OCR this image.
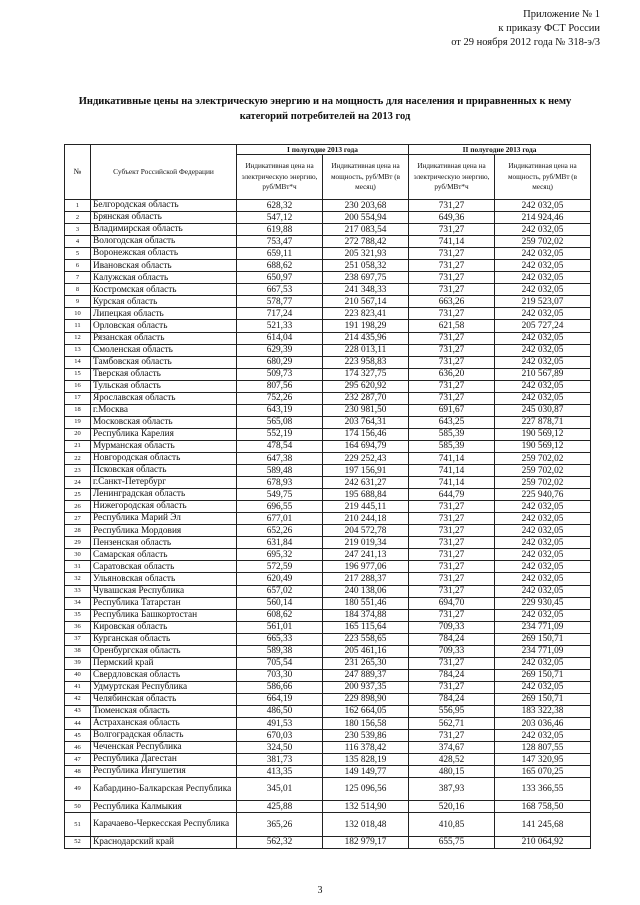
Приложение № 1
к приказу ФСТ России
от 29 ноября 2012 года № 318-э/3
Индикативные цены на электрическую энергию и на мощность для населения и приравненных к нему
категорий потребителей на 2013 год
№	Субъект Российской Федерации	I полугодие 2013 года		II полугодие 2013 года	
		Индикативная цена на электрическую энергию, руб/МВт*ч	Индикативная цена на мощность, руб/МВт (в месяц)	Индикативная цена на электрическую энергию, руб/МВт*ч	Индикативная цена на мощность, руб/МВт (в месяц)
1	Белгородская область	628,32	230 203,68	731,27	242 032,05
2	Брянская область	547,12	200 554,94	649,36	214 924,46
3	Владимирская область	619,88	217 083,54	731,27	242 032,05
4	Вологодская область	753,47	272 788,42	741,14	259 702,02
5	Воронежская область	659,11	205 321,93	731,27	242 032,05
6	Ивановская область	688,62	251 058,32	731,27	242 032,05
7	Калужская область	650,97	238 697,75	731,27	242 032,05
8	Костромская область	667,53	241 348,33	731,27	242 032,05
9	Курская область	578,77	210 567,14	663,26	219 523,07
10	Липецкая область	717,24	223 823,41	731,27	242 032,05
11	Орловская область	521,33	191 198,29	621,58	205 727,24
12	Рязанская область	614,04	214 435,96	731,27	242 032,05
13	Смоленская область	629,39	228 013,11	731,27	242 032,05
14	Тамбовская область	680,29	223 958,83	731,27	242 032,05
15	Тверская область	509,73	174 327,75	636,20	210 567,89
16	Тульская область	807,56	295 620,92	731,27	242 032,05
17	Ярославская область	752,26	232 287,70	731,27	242 032,05
18	г.Москва	643,19	230 981,50	691,67	245 030,87
19	Московская область	565,08	203 764,31	643,25	227 878,71
20	Республика Карелия	552,19	174 156,46	585,39	190 569,12
21	Мурманская область	478,54	164 694,79	585,39	190 569,12
22	Новгородская область	647,38	229 252,43	741,14	259 702,02
23	Псковская область	589,48	197 156,91	741,14	259 702,02
24	г.Санкт-Петербург	678,93	242 631,27	741,14	259 702,02
25	Ленинградская область	549,75	195 688,84	644,79	225 940,76
26	Нижегородская область	696,55	219 445,11	731,27	242 032,05
27	Республика Марий Эл	677,01	210 244,18	731,27	242 032,05
28	Республика Мордовия	652,26	204 572,78	731,27	242 032,05
29	Пензенская область	631,84	219 019,34	731,27	242 032,05
30	Самарская область	695,32	247 241,13	731,27	242 032,05
31	Саратовская область	572,59	196 977,06	731,27	242 032,05
32	Ульяновская область	620,49	217 288,37	731,27	242 032,05
33	Чувашская Республика	657,02	240 138,06	731,27	242 032,05
34	Республика Татарстан	560,14	180 551,46	694,70	229 930,45
35	Республика Башкортостан	608,62	184 374,88	731,27	242 032,05
36	Кировская область	561,01	165 115,64	709,33	234 771,09
37	Курганская область	665,33	223 558,65	784,24	269 150,71
38	Оренбургская область	589,38	205 461,16	709,33	234 771,09
39	Пермский край	705,54	231 265,30	731,27	242 032,05
40	Свердловская область	703,30	247 889,37	784,24	269 150,71
41	Удмуртская Республика	586,66	200 937,35	731,27	242 032,05
42	Челябинская область	664,19	229 898,90	784,24	269 150,71
43	Тюменская область	486,50	162 664,05	556,95	183 322,38
44	Астраханская область	491,53	180 156,58	562,71	203 036,46
45	Волгоградская область	670,03	230 539,86	731,27	242 032,05
46	Чеченская Республика	324,50	116 378,42	374,67	128 807,55
47	Республика Дагестан	381,73	135 828,19	428,52	147 320,95
48	Республика Ингушетия	413,35	149 149,77	480,15	165 070,25
49	Кабардино-Балкарская Республика	345,01	125 096,56	387,93	133 366,55
50	Республика Калмыкия	425,88	132 514,90	520,16	168 758,50
51	Карачаево-Черкесская Республика	365,26	132 018,48	410,85	141 245,68
52	Краснодарский край	562,32	182 979,17	655,75	210 064,92
3
